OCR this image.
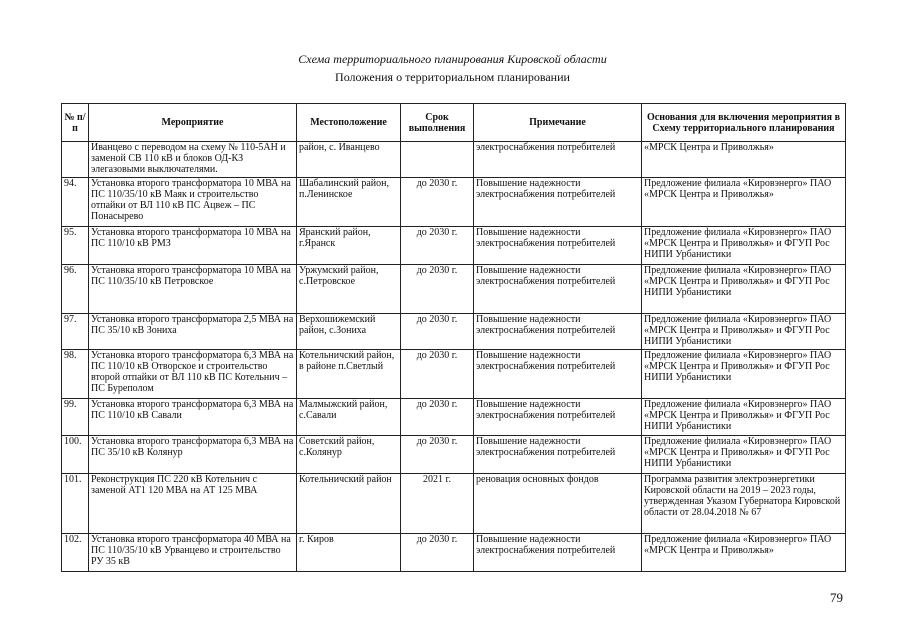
Схема территориального планирования Кировской области
Положения о территориальном планировании
№ п/п	Мероприятие	Местоположение	Срок выполнения	Примечание	Основания для включения мероприятия в Схему территориального планирования
	Иванцево с переводом на схему № 110-5АН и заменой СВ 110 кВ и блоков ОД-КЗ элегазовыми выключателями.	район, с. Иванцево		электроснабжения потребителей	«МРСК Центра и Приволжья»
94.	Установка второго трансформатора 10 МВА на ПС 110/35/10 кВ Маяк и строительство отпайки от ВЛ 110 кВ ПС Ацвеж – ПС Понасырево	Шабалинский район, п.Ленинское	до 2030 г.	Повышение надежности электроснабжения потребителей	Предложение филиала «Кировэнерго» ПАО «МРСК Центра и Приволжья»
95.	Установка второго трансформатора 10 МВА на ПС 110/10 кВ РМЗ	Яранский район, г.Яранск	до 2030 г.	Повышение надежности электроснабжения потребителей	Предложение филиала «Кировэнерго» ПАО «МРСК Центра и Приволжья» и ФГУП Рос НИПИ Урбанистики
96.	Установка второго трансформатора 10 МВА на ПС 110/35/10 кВ Петровское	Уржумский район, с.Петровское	до 2030 г.	Повышение надежности электроснабжения потребителей	Предложение филиала «Кировэнерго» ПАО «МРСК Центра и Приволжья» и ФГУП Рос НИПИ Урбанистики
97.	Установка второго трансформатора 2,5 МВА на ПС 35/10 кВ Зониха	Верхошижемский район, с.Зониха	до 2030 г.	Повышение надежности электроснабжения потребителей	Предложение филиала «Кировэнерго» ПАО «МРСК Центра и Приволжья» и ФГУП Рос НИПИ Урбанистики
98.	Установка второго трансформатора 6,3 МВА на ПС 110/10 кВ Отворское и строительство второй отпайки от ВЛ 110 кВ ПС Котельнич – ПС Буреполом	Котельничский район, в районе п.Светлый	до 2030 г.	Повышение надежности электроснабжения потребителей	Предложение филиала «Кировэнерго» ПАО «МРСК Центра и Приволжья» и ФГУП Рос НИПИ Урбанистики
99.	Установка второго трансформатора 6,3 МВА на ПС 110/10 кВ Савали	Малмыжский район, с.Савали	до 2030 г.	Повышение надежности электроснабжения потребителей	Предложение филиала «Кировэнерго» ПАО «МРСК Центра и Приволжья» и ФГУП Рос НИПИ Урбанистики
100.	Установка второго трансформатора 6,3 МВА на ПС 35/10 кВ Колянур	Советский район, с.Колянур	до 2030 г.	Повышение надежности электроснабжения потребителей	Предложение филиала «Кировэнерго» ПАО «МРСК Центра и Приволжья» и ФГУП Рос НИПИ Урбанистики
101.	Реконструкция ПС 220 кВ Котельнич с заменой АТ1 120 МВА на АТ 125 МВА	Котельничский район	2021 г.	реновация основных фондов	Программа развития электроэнергетики Кировской области на 2019 – 2023 годы, утвержденная Указом Губернатора Кировской области от 28.04.2018 № 67
102.	Установка второго трансформатора 40 МВА на ПС 110/35/10 кВ Урванцево и строительство РУ 35 кВ	г. Киров	до 2030 г.	Повышение надежности электроснабжения потребителей	Предложение филиала «Кировэнерго» ПАО «МРСК Центра и Приволжья»
79
